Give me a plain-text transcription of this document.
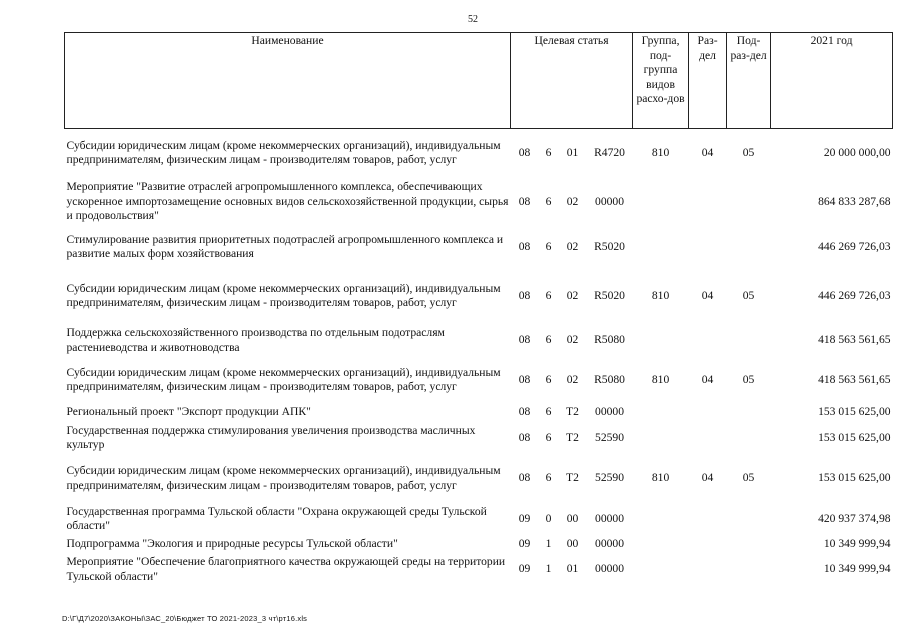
52
Наименование	Целевая статья				Группа, под-группа видов расхо-дов	Раз-дел	Под-раз-дел	2021 год
Субсидии юридическим лицам (кроме некоммерческих организаций), индивидуальным предпринимателям, физическим лицам - производителям товаров, работ, услуг	08	6	01	R4720	810	04	05	20 000 000,00
Мероприятие "Развитие отраслей агропромышленного комплекса, обеспечивающих ускоренное импортозамещение основных видов сельскохозяйственной продукции, сырья и продовольствия"	08	6	02	00000				864 833 287,68
Стимулирование развития приоритетных подотраслей агропромышленного комплекса и развитие малых форм хозяйствования	08	6	02	R5020				446 269 726,03
Субсидии юридическим лицам (кроме некоммерческих организаций), индивидуальным предпринимателям, физическим лицам - производителям товаров, работ, услуг	08	6	02	R5020	810	04	05	446 269 726,03
Поддержка сельскохозяйственного производства по отдельным подотраслям растениеводства и животноводства	08	6	02	R5080				418 563 561,65
Субсидии юридическим лицам (кроме некоммерческих организаций), индивидуальным предпринимателям, физическим лицам - производителям товаров, работ, услуг	08	6	02	R5080	810	04	05	418 563 561,65
Региональный проект "Экспорт продукции АПК"	08	6	T2	00000				153 015 625,00
Государственная поддержка стимулирования увеличения производства масличных культур	08	6	T2	52590				153 015 625,00
Субсидии юридическим лицам (кроме некоммерческих организаций), индивидуальным предпринимателям, физическим лицам - производителям товаров, работ, услуг	08	6	T2	52590	810	04	05	153 015 625,00
Государственная программа Тульской области "Охрана окружающей среды Тульской области"	09	0	00	00000				420 937 374,98
Подпрограмма "Экология и природные ресурсы Тульской области"	09	1	00	00000				10 349 999,94
Мероприятие "Обеспечение благоприятного качества окружающей среды на территории Тульской области"	09	1	01	00000				10 349 999,94
D:\Г\Д7\2020\ЗАКОНЫ\ЗАС_20\Бюджет ТО 2021-2023_3 чт\рт16.xls
